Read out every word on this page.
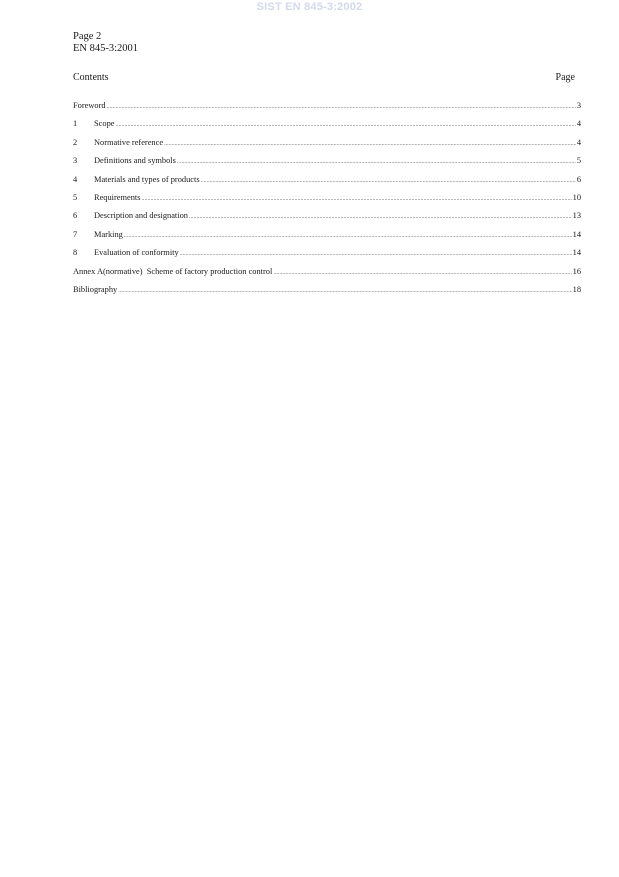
SIST EN 845-3:2002
Page 2
EN 845-3:2001
Contents	Page
Foreword .....	3
1	Scope .....	4
2	Normative reference .....	4
3	Definitions and symbols .....	5
4	Materials and types of products .....	6
5	Requirements .....	10
6	Description and designation .....	13
7	Marking .....	14
8	Evaluation of conformity .....	14
Annex A(normative)  Scheme of factory production control .....	16
Bibliography .....	18
